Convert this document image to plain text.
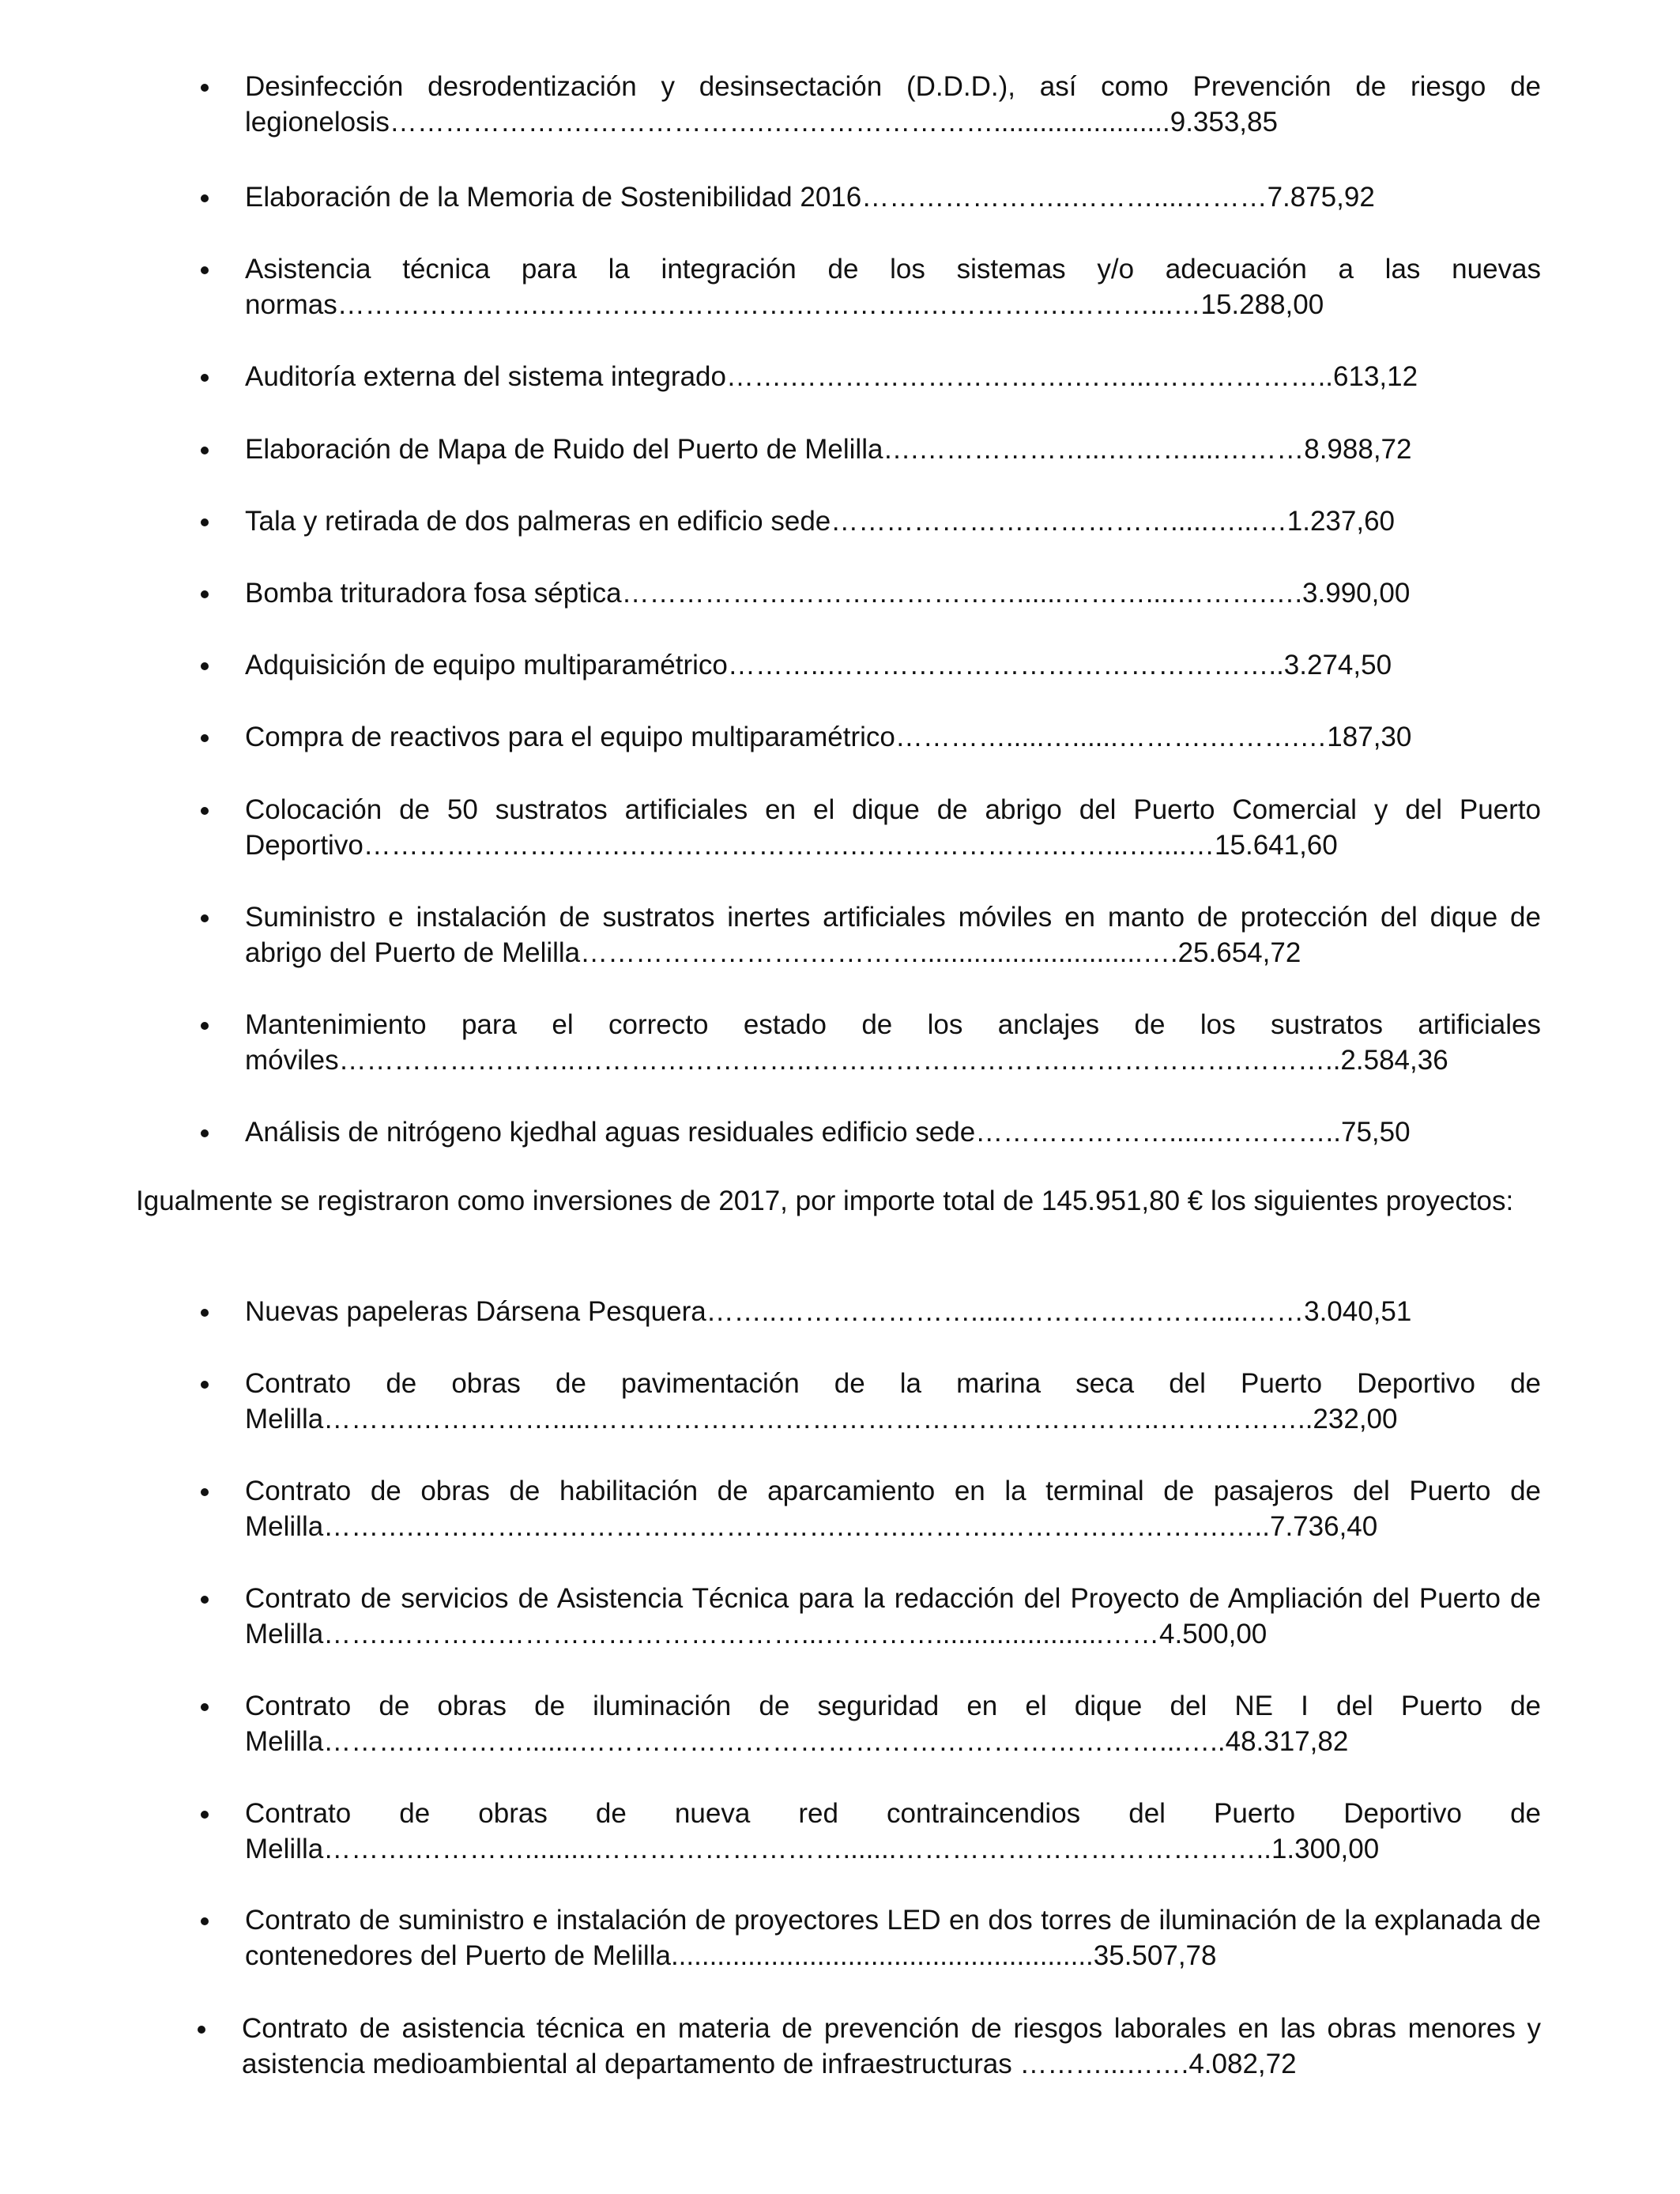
Desinfección desrodentización y desinsectación (D.D.D.), así como Prevención de riesgo de legionelosis………………….……………….….………………….......................9.353,85
Elaboración de la Memoria de Sostenibilidad 2016…………………..………....………7.875,92
Asistencia técnica para la integración de los sistemas y/o adecuación a las nuevas normas………………….……………………….…………..…………….………...…15.288,00
Auditoría externa del sistema integrado…….………………………….……...………………..613,12
Elaboración de Mapa de Ruido del Puerto de Melilla….………………...………....………8.988,72
Tala y retirada de dos palmeras en edificio sede………………….…………….....…...…1.237,60
Bomba trituradora fosa séptica……………………….……………......………....……….….3.990,00
Adquisición de equipo multiparamétrico………..…………………………………………..3.274,50
Compra de reactivos para el equipo multiparamétrico………….....…......……….……….…187,30
Colocación de 50 sustratos artificiales en el dique de abrigo del Puerto Comercial y del Puerto Deportivo……………………….…………………….………………….……...…....…15.641,60
Suministro e instalación de sustratos inertes artificiales móviles en manto de protección del dique de abrigo del Puerto de Melilla…………………….………….............................….25.654,72
Mantenimiento para el correcto estado de los anclajes de los sustratos artificiales móviles……………………..……………………..……………………….……………….………..2.584,36
Análisis de nitrógeno kjedhal aguas residuales edificio sede…………………......…………..75,50

Igualmente se registraron como inversiones de 2017, por importe total de 145.951,80 € los siguientes proyectos:

Nuevas papeleras Dársena Pesquera……..…………………......………………….....……3.040,51
Contrato de obras de pavimentación de la marina seca del Puerto Deportivo de Melilla……….…………….....……………………………………………………..……………..232,00
Contrato de obras de habilitación de aparcamiento en la terminal de pasajeros del Puerto de Melilla……….………….…………………………….…….……….…………………….…..7.736,40
Contrato de servicios de Asistencia Técnica para la redacción del Proyecto de Ampliación del Puerto de Melilla…….………………………………………...…………......................……4.500,00
Contrato de obras de iluminación de seguridad en el dique del NE I del Puerto de Melilla……….………….......………………………………………………………...…..48.317,82
Contrato de obras de nueva red contraincendios del Puerto Deportivo de Melilla……….………….........……………………….......…………………………………..1.300,00
Contrato de suministro e instalación de proyectores LED en dos torres de iluminación de la explanada de contenedores del Puerto de Melilla.......................................................35.507,78
Contrato de asistencia técnica en materia de prevención de riesgos laborales en las obras menores y asistencia medioambiental al departamento de infraestructuras ………...…….4.082,72
